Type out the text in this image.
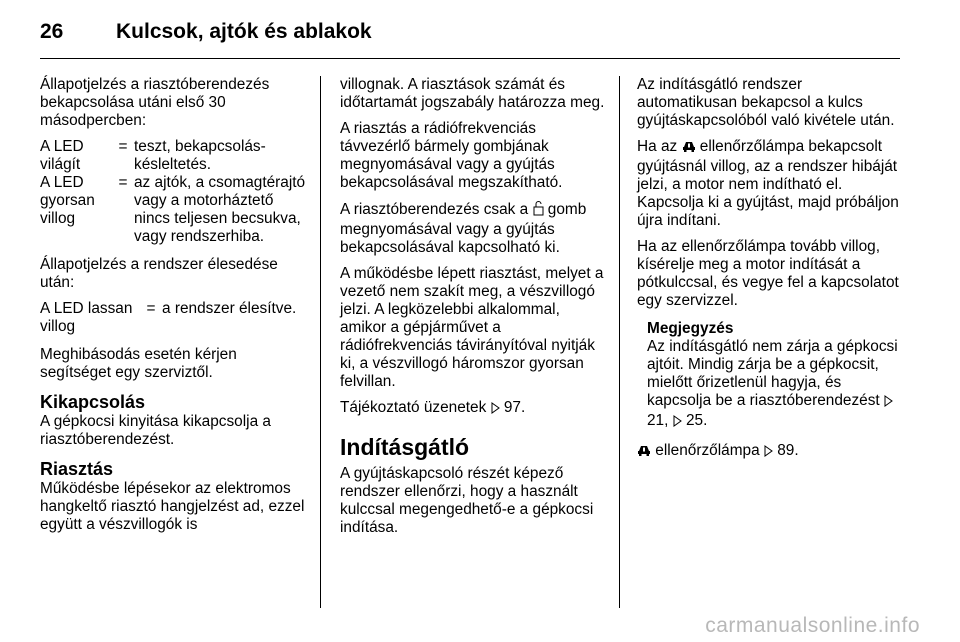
26	Kulcsok, ajtók és ablakok

Állapotjelzés a riasztóberendezés bekapcsolása utáni első 30 másodpercben:

A LED világít	=	teszt, bekapcsolás-késleltetés.
A LED gyorsan villog	=	az ajtók, a csomagtérajtó vagy a motorháztető nincs teljesen becsukva, vagy rendszerhiba.

Állapotjelzés a rendszer élesedése után:

A LED lassan villog	=	a rendszer élesítve.

Meghibásodás esetén kérjen segítséget egy szerviztől.

Kikapcsolás

A gépkocsi kinyitása kikapcsolja a riasztóberendezést.

Riasztás

Működésbe lépésekor az elektromos hangkeltő riasztó hangjelzést ad, ezzel együtt a vészvillogók is

villognak. A riasztások számát és időtartamát jogszabály határozza meg.

A riasztás a rádiófrekvenciás távvezérlő bármely gombjának megnyomásával vagy a gyújtás bekapcsolásával megszakítható.

A riasztóberendezés csak a gomb megnyomásával vagy a gyújtás bekapcsolásával kapcsolható ki.

A működésbe lépett riasztást, melyet a vezető nem szakít meg, a vészvillogó jelzi. A legközelebbi alkalommal, amikor a gépjárművet a rádiófrekvenciás távirányítóval nyitják ki, a vészvillogó háromszor gyorsan felvillan.

Tájékoztató üzenetek 97.

Indításgátló

A gyújtáskapcsoló részét képező rendszer ellenőrzi, hogy a használt kulccsal megengedhető-e a gépkocsi indítása.

Az indításgátló rendszer automatikusan bekapcsol a kulcs gyújtáskapcsolóból való kivétele után.

Ha az ellenőrzőlámpa bekapcsolt gyújtásnál villog, az a rendszer hibáját jelzi, a motor nem indítható el. Kapcsolja ki a gyújtást, majd próbáljon újra indítani.

Ha az ellenőrzőlámpa tovább villog, kísérelje meg a motor indítását a pótkulccsal, és vegye fel a kapcsolatot egy szervizzel.

Megjegyzés
Az indításgátló nem zárja a gépkocsi ajtóit. Mindig zárja be a gépkocsit, mielőtt őrizetlenül hagyja, és kapcsolja be a riasztóberendezést  21, 25.

ellenőrzőlámpa 89.

carmanualsonline.info
